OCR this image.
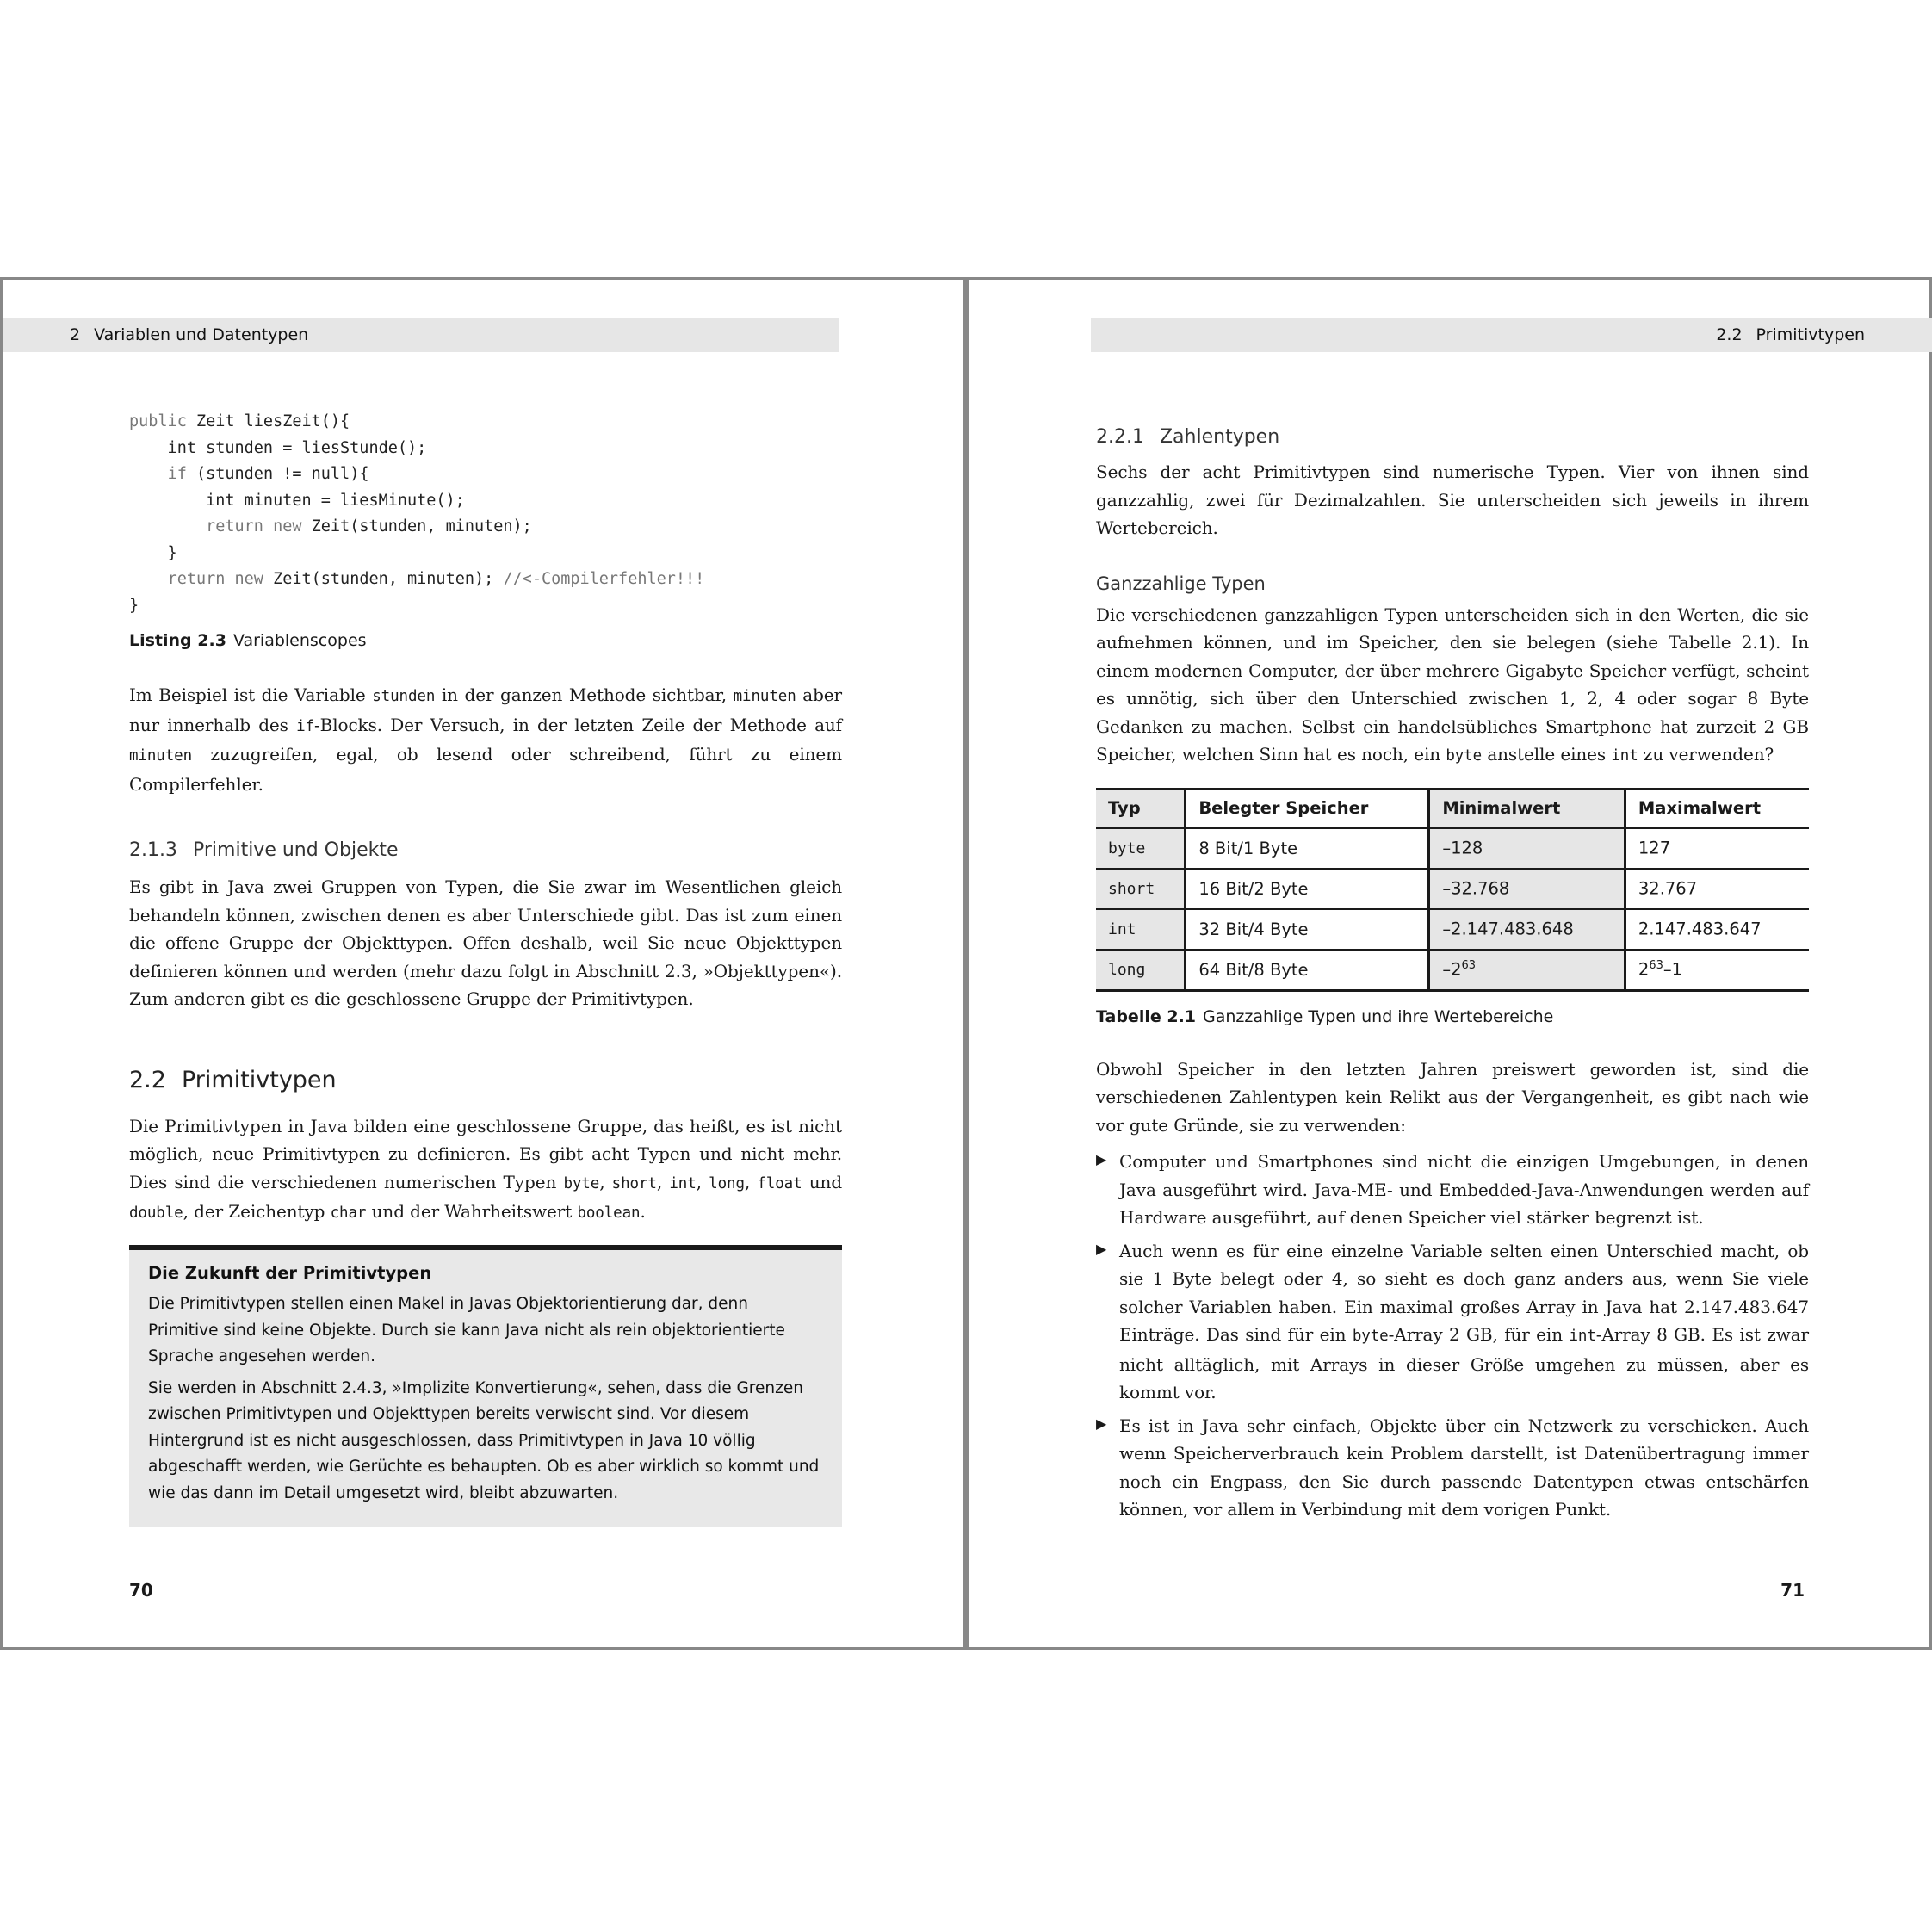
2 Variablen und Datentypen
public Zeit liesZeit(){
int stunden = liesStunde();
if (stunden != null){
int minuten = liesMinute();
return new Zeit(stunden, minuten);
}
return new Zeit(stunden, minuten); //<-Compilerfehler!!!
}
Listing 2.3 Variablenscopes

Im Beispiel ist die Variable stunden in der ganzen Methode sichtbar, minuten aber nur innerhalb des if-Blocks. Der Versuch, in der letzten Zeile der Methode auf minuten zuzugreifen, egal, ob lesend oder schreibend, führt zu einem Compilerfehler.

2.1.3 Primitive und Objekte

Es gibt in Java zwei Gruppen von Typen, die Sie zwar im Wesentlichen gleich behandeln können, zwischen denen es aber Unterschiede gibt. Das ist zum einen die offene Gruppe der Objekttypen. Offen deshalb, weil Sie neue Objekttypen definieren können und werden (mehr dazu folgt in Abschnitt 2.3, »Objekttypen«). Zum anderen gibt es die geschlossene Gruppe der Primitivtypen.

2.2 Primitivtypen

Die Primitivtypen in Java bilden eine geschlossene Gruppe, das heißt, es ist nicht möglich, neue Primitivtypen zu definieren. Es gibt acht Typen und nicht mehr. Dies sind die verschiedenen numerischen Typen byte, short, int, long, float und double, der Zeichentyp char und der Wahrheitswert boolean.

Die Zukunft der Primitivtypen

Die Primitivtypen stellen einen Makel in Javas Objektorientierung dar, denn Primitive sind keine Objekte. Durch sie kann Java nicht als rein objektorientierte Sprache angesehen werden.

Sie werden in Abschnitt 2.4.3, »Implizite Konvertierung«, sehen, dass die Grenzen zwischen Primitivtypen und Objekttypen bereits verwischt sind. Vor diesem Hintergrund ist es nicht ausgeschlossen, dass Primitivtypen in Java 10 völlig abgeschafft werden, wie Gerüchte es behaupten. Ob es aber wirklich so kommt und wie das dann im Detail umgesetzt wird, bleibt abzuwarten.

70
2.2 Primitivtypen
2.2.1 Zahlentypen

Sechs der acht Primitivtypen sind numerische Typen. Vier von ihnen sind ganzzahlig, zwei für Dezimalzahlen. Sie unterscheiden sich jeweils in ihrem Wertebereich.

Ganzzahlige Typen

Die verschiedenen ganzzahligen Typen unterscheiden sich in den Werten, die sie aufnehmen können, und im Speicher, den sie belegen (siehe Tabelle 2.1). In einem modernen Computer, der über mehrere Gigabyte Speicher verfügt, scheint es unnötig, sich über den Unterschied zwischen 1, 2, 4 oder sogar 8 Byte Gedanken zu machen. Selbst ein handelsübliches Smartphone hat zurzeit 2 GB Speicher, welchen Sinn hat es noch, ein byte anstelle eines int zu verwenden?

Typ	Belegter Speicher	Minimalwert	Maximalwert
byte	8 Bit/1 Byte	–128	127
short	16 Bit/2 Byte	–32.768	32.767
int	32 Bit/4 Byte	–2.147.483.648	2.147.483.647
long	64 Bit/8 Byte	$-2^{63}$	$2^{63}-1$
Tabelle 2.1 Ganzzahlige Typen und ihre Wertebereiche

Obwohl Speicher in den letzten Jahren preiswert geworden ist, sind die verschiedenen Zahlentypen kein Relikt aus der Vergangenheit, es gibt nach wie vor gute Gründe, sie zu verwenden:

▶ Computer und Smartphones sind nicht die einzigen Umgebungen, in denen Java ausgeführt wird. Java-ME- und Embedded-Java-Anwendungen werden auf Hardware ausgeführt, auf denen Speicher viel stärker begrenzt ist.

▶ Auch wenn es für eine einzelne Variable selten einen Unterschied macht, ob sie 1 Byte belegt oder 4, so sieht es doch ganz anders aus, wenn Sie viele solcher Variablen haben. Ein maximal großes Array in Java hat 2.147.483.647 Einträge. Das sind für ein byte-Array 2 GB, für ein int-Array 8 GB. Es ist zwar nicht alltäglich, mit Arrays in dieser Größe umgehen zu müssen, aber es kommt vor.

▶ Es ist in Java sehr einfach, Objekte über ein Netzwerk zu verschicken. Auch wenn Speicherverbrauch kein Problem darstellt, ist Datenübertragung immer noch ein Engpass, den Sie durch passende Datentypen etwas entschärfen können, vor allem in Verbindung mit dem vorigen Punkt.

71
